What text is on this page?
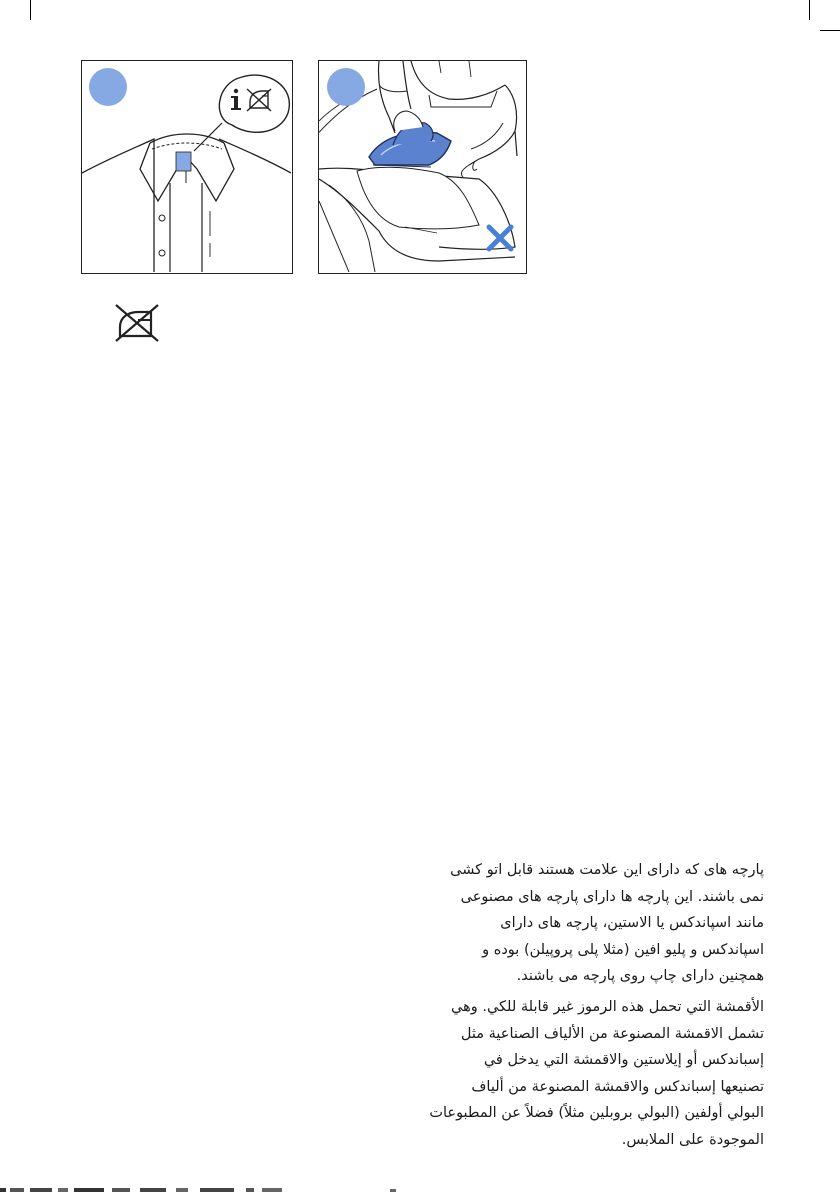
پارچه های که دارای این علامت هستند قابل اتو کشی
نمی باشند. این پارچه ها دارای پارچه های مصنوعی
مانند اسپاندکس یا الاستین، پارچه های دارای
اسپاندکس و پلیو افین (مثلا پلی پروپیلن) بوده و
همچنین دارای چاپ روی پارچه می باشند.
الأقمشة التي تحمل هذه الرموز غير قابلة للكي. وهي
تشمل الاقمشة المصنوعة من الألياف الصناعية مثل
إسباندكس أو إيلاستين والاقمشة التي يدخل في
تصنيعها إسباندكس والاقمشة المصنوعة من ألياف
البولي أولفين (البولي بروبلين مثلاً) فضلاً عن المطبوعات
الموجودة على الملابس.
